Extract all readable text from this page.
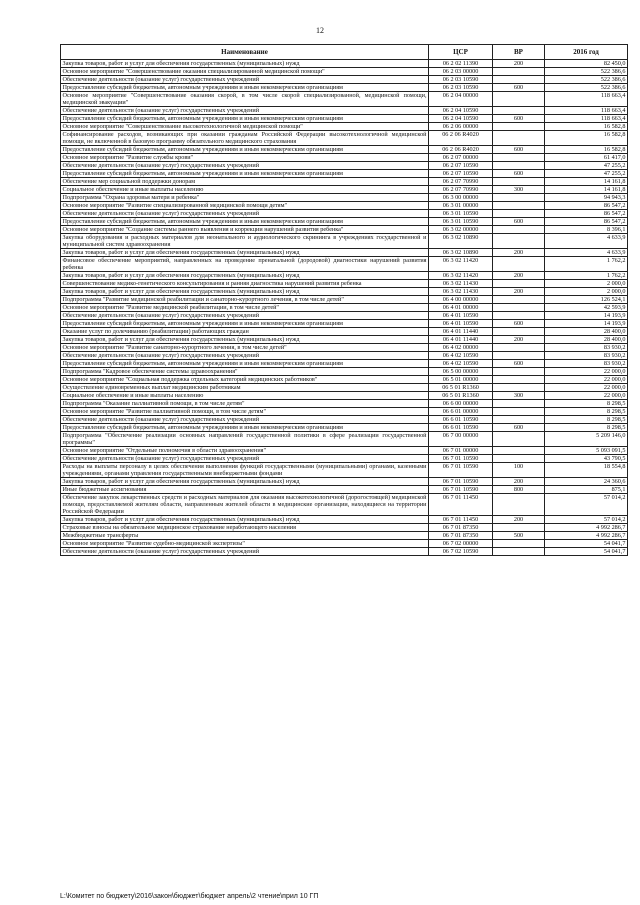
12
Наименование	ЦСР	ВР	2016 год
Закупка товаров, работ и услуг для обеспечения государственных (муниципальных) нужд	06 2 02 11390	200	82 450,0
Основное мероприятие "Совершенствование оказания специализированной медицинской помощи"	06 2 03 00000		522 386,6
Обеспечение деятельности (оказание услуг) государственных учреждений	06 2 03 10590		522 386,6
Предоставление субсидий бюджетным, автономным учреждениям и иным некоммерческим организациям	06 2 03 10590	600	522 386,6
Основное мероприятие "Совершенствование оказания скорой, в том числе скорой специализированной, медицинской помощи, медицинской эвакуации"	06 2 04 00000		118 663,4
Обеспечение деятельности (оказание услуг) государственных учреждений	06 2 04 10590		118 663,4
Предоставление субсидий бюджетным, автономным учреждениям и иным некоммерческим организациям	06 2 04 10590	600	118 663,4
Основное мероприятие "Совершенствование высокотехнологичной медицинской помощи"	06 2 06 00000		16 582,8
Софинансирование расходов, возникающих при оказании гражданам Российской Федерации высокотехнологичной медицинской помощи, не включенной в базовую программу обязательного медицинского страхования	06 2 06 R4020		16 582,8
Предоставление субсидий бюджетным, автономным учреждениям и иным некоммерческим организациям	06 2 06 R4020	600	16 582,8
Основное мероприятие "Развитие службы крови"	06 2 07 00000		61 417,0
Обеспечение деятельности (оказание услуг) государственных учреждений	06 2 07 10590		47 255,2
Предоставление субсидий бюджетным, автономным учреждениям и иным некоммерческим организациям	06 2 07 10590	600	47 255,2
Обеспечение мер социальной поддержки донорам	06 2 07 70990		14 161,8
Социальное обеспечение и иные выплаты населению	06 2 07 70990	300	14 161,8
Подпрограмма "Охрана здоровья матери и ребенка"	06 3 00 00000		94 943,3
Основное мероприятие "Развитие специализированной медицинской помощи детям"	06 3 01 00000		86 547,2
Обеспечение деятельности (оказание услуг) государственных учреждений	06 3 01 10590		86 547,2
Предоставление субсидий бюджетным, автономным учреждениям и иным некоммерческим организациям	06 3 01 10590	600	86 547,2
Основное мероприятие "Создание системы раннего выявления и коррекции нарушений развития ребенка"	06 3 02 00000		8 396,1
Закупка оборудования и расходных материалов для неонатального и аудиологического скрининга в учреждениях государственной и муниципальной систем здравоохранения	06 3 02 10890		4 633,9
Закупка товаров, работ и услуг для обеспечения государственных (муниципальных) нужд	06 3 02 10890	200	4 633,9
Финансовое обеспечение мероприятий, направленных на проведение пренатальной (дородовой) диагностики нарушений развития ребенка	06 3 02 11420		1 762,2
Закупка товаров, работ и услуг для обеспечения государственных (муниципальных) нужд	06 3 02 11420	200	1 762,2
Совершенствование медико-генетического консультирования и ранняя диагностика нарушений развития ребенка	06 3 02 11430		2 000,0
Закупка товаров, работ и услуг для обеспечения государственных (муниципальных) нужд	06 3 02 11430	200	2 000,0
Подпрограмма "Развитие медицинской реабилитации и санаторно-курортного лечения, в том числе детей"	06 4 00 00000		126 524,1
Основное мероприятие "Развитие медицинской реабилитации, в том числе детей"	06 4 01 00000		42 593,9
Обеспечение деятельности (оказание услуг) государственных учреждений	06 4 01 10590		14 193,9
Предоставление субсидий бюджетным, автономным учреждениям и иным некоммерческим организациям	06 4 01 10590	600	14 193,9
Оказание услуг по долечиванию (реабилитации) работающих граждан	06 4 01 11440		28 400,0
Закупка товаров, работ и услуг для обеспечения государственных (муниципальных) нужд	06 4 01 11440	200	28 400,0
Основное мероприятие "Развитие санаторно-курортного лечения, в том числе детей"	06 4 02 00000		83 930,2
Обеспечение деятельности (оказание услуг) государственных учреждений	06 4 02 10590		83 930,2
Предоставление субсидий бюджетным, автономным учреждениям и иным некоммерческим организациям	06 4 02 10590	600	83 930,2
Подпрограмма "Кадровое обеспечение системы здравоохранения"	06 5 00 00000		22 000,0
Основное мероприятие "Социальная поддержка отдельных категорий медицинских работников"	06 5 01 00000		22 000,0
Осуществление единовременных выплат медицинским работникам	06 5 01 R1360		22 000,0
Социальное обеспечение и иные выплаты населению	06 5 01 R1360	300	22 000,0
Подпрограмма "Оказание паллиативной помощи, в том числе детям"	06 6 00 00000		8 298,5
Основное мероприятие "Развитие паллиативной помощи, в том числе детям"	06 6 01 00000		8 298,5
Обеспечение деятельности (оказание услуг) государственных учреждений	06 6 01 10590		8 298,5
Предоставление субсидий бюджетным, автономным учреждениям и иным некоммерческим организациям	06 6 01 10590	600	8 298,5
Подпрограмма "Обеспечение реализации основных направлений государственной политики в сфере реализации государственной программы"	06 7 00 00000		5 209 146,0
Основное мероприятие "Отдельные полномочия в области здравоохранения"	06 7 01 00000		5 093 091,5
Обеспечение деятельности (оказание услуг) государственных учреждений	06 7 01 10590		43 790,5
Расходы на выплаты персоналу в целях обеспечения выполнения функций государственными (муниципальными) органами, казенными учреждениями, органами управления государственными внебюджетными фондами	06 7 01 10590	100	18 554,8
Закупка товаров, работ и услуг для обеспечения государственных (муниципальных) нужд	06 7 01 10590	200	24 360,6
Иные бюджетные ассигнования	06 7 01 10590	800	875,1
Обеспечение закупок лекарственных средств и расходных материалов для оказания высокотехнологичной (дорогостоящей) медицинской помощи, предоставляемой жителям области, направленным жителей области в медицинские организации, находящиеся на территории Российской Федерации	06 7 01 11450		57 014,2
Закупка товаров, работ и услуг для обеспечения государственных (муниципальных) нужд	06 7 01 11450	200	57 014,2
Страховые взносы на обязательное медицинское страхование неработающего населения	06 7 01 87350		4 992 286,7
Межбюджетные трансферты	06 7 01 87350	500	4 992 286,7
Основное мероприятие "Развитие судебно-медицинской экспертизы"	06 7 02 00000		54 041,7
Обеспечение деятельности (оказание услуг) государственных учреждений	06 7 02 10590		54 041,7
L:\Комитет по бюджету\2016\закон\бюджет\бюджет апрель\2 чтение\прил 10 ГП
